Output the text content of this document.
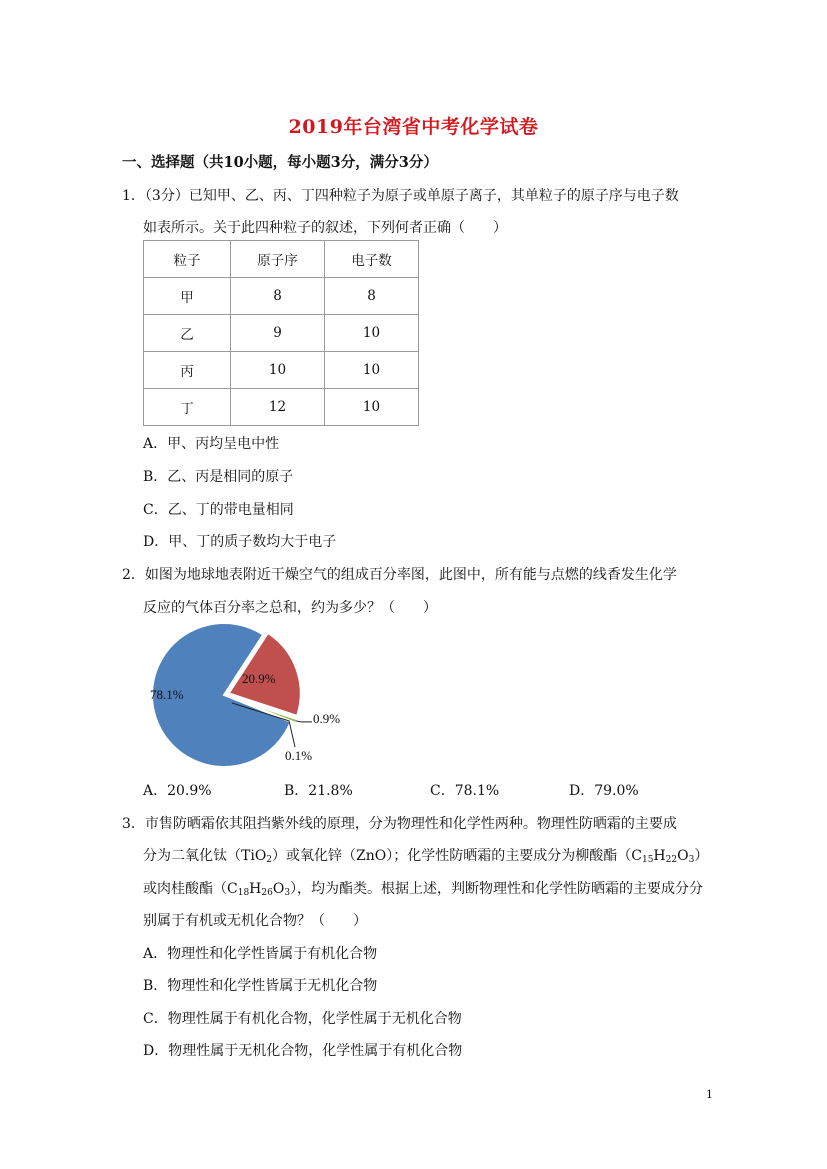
2019年台湾省中考化学试卷
一、选择题（共10小题，每小题3分，满分3分）
1．（3分）已知甲、乙、丙、丁四种粒子为原子或单原子离子，其单粒子的原子序与电子数
如表所示。关于此四种粒子的叙述，下列何者正确（　　）
粒子	原子序	电子数
甲	8	8
乙	9	10
丙	10	10
丁	12	10
A．甲、丙均呈电中性
B．乙、丙是相同的原子
C．乙、丁的带电量相同
D．甲、丁的质子数均大于电子
2．如图为地球地表附近干燥空气的组成百分率图，此图中，所有能与点燃的线香发生化学
反应的气体百分率之总和，约为多少？（　　）
78.1%
20.9%
0.9%
0.1%
A．20.9%	B．21.8%	C．78.1%	D．79.0%
3．市售防晒霜依其阻挡紫外线的原理，分为物理性和化学性两种。物理性防晒霜的主要成
分为二氧化钛（TiO$_2$）或氧化锌（ZnO）；化学性防晒霜的主要成分为柳酸酯$(C_{15}H_{22}O_3)$
或肉桂酸酯$(C_{18}H_{26}O_3)$，均为酯类。根据上述，判断物理性和化学性防晒霜的主要成分分
别属于有机或无机化合物？（　　）
A．物理性和化学性皆属于有机化合物
B．物理性和化学性皆属于无机化合物
C．物理性属于有机化合物，化学性属于无机化合物
D．物理性属于无机化合物，化学性属于有机化合物
1
